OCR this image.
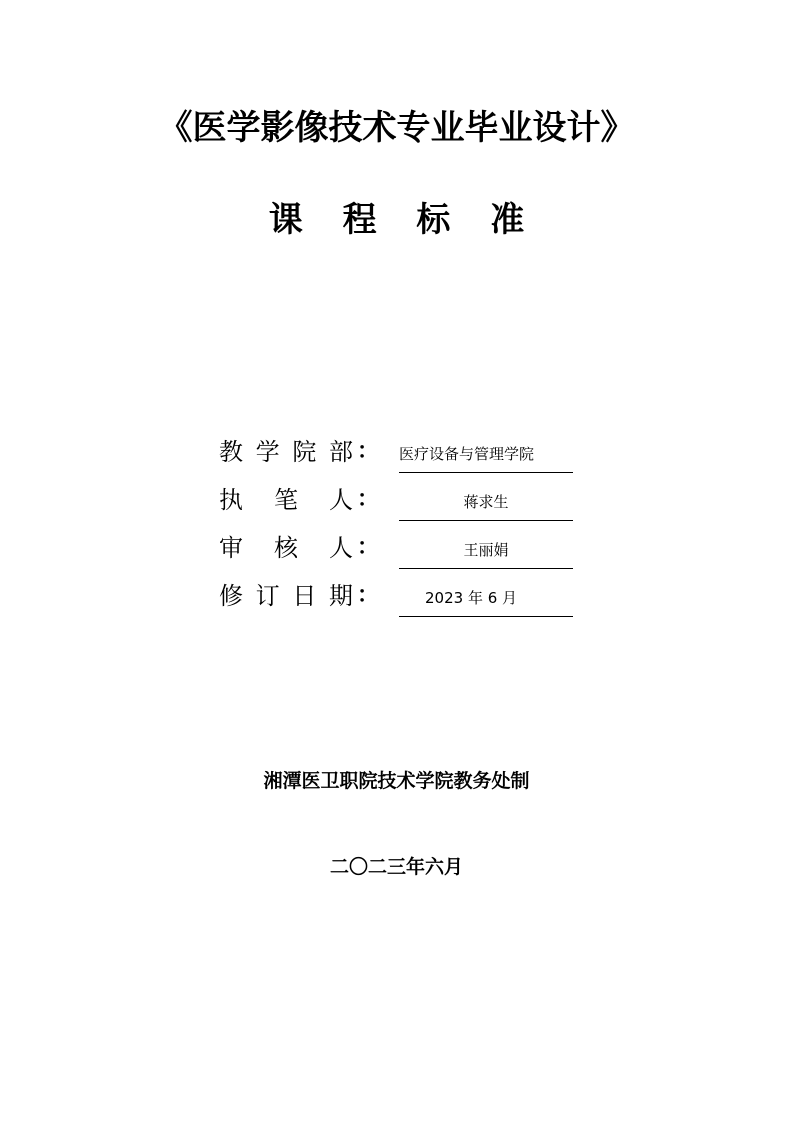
《医学影像技术专业毕业设计》
课 程 标 准
教 学 院 部 ： 医疗设备与管理学院
执 笔 人 ：	蒋求生
审 核 人 ：	王丽娟
修 订 日 期 ：	2023 年 6 月
湘潭医卫职院技术学院教务处制
二〇二三年六月
